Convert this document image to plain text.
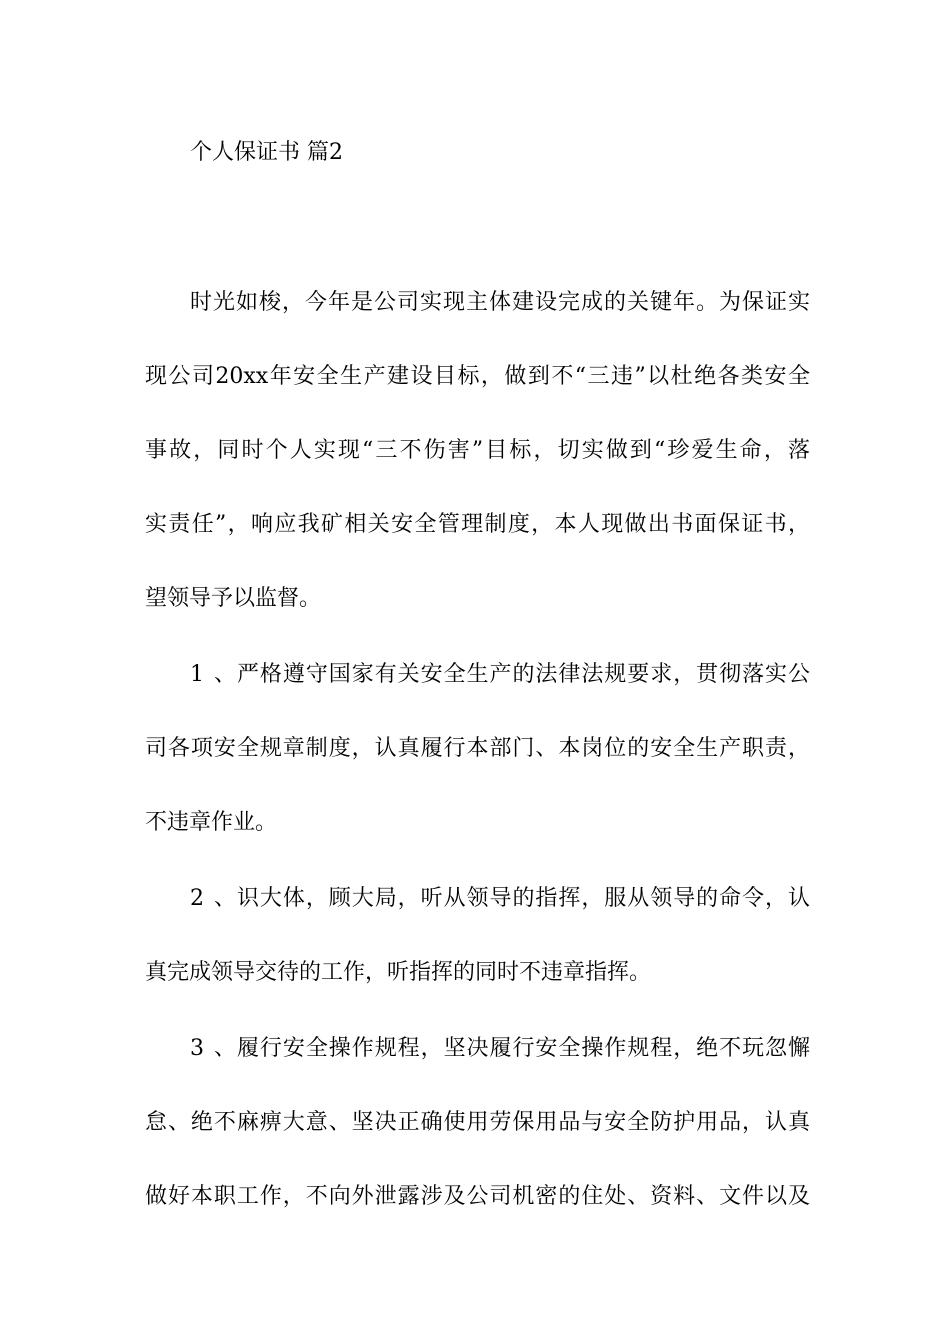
个人保证书 篇2
时光如梭，今年是公司实现主体建设完成的关键年。为保证实
现公司20xx年安全生产建设目标，做到不“三违”以杜绝各类安全
事故，同时个人实现“三不伤害”目标，切实做到“珍爱生命，落
实责任”，响应我矿相关安全管理制度，本人现做出书面保证书，
望领导予以监督。
1、严格遵守国家有关安全生产的法律法规要求，贯彻落实公
司各项安全规章制度，认真履行本部门、本岗位的安全生产职责，
不违章作业。
2、识大体，顾大局，听从领导的指挥，服从领导的命令，认
真完成领导交待的工作，听指挥的同时不违章指挥。
3、履行安全操作规程，坚决履行安全操作规程，绝不玩忽懈
怠、绝不麻痹大意、坚决正确使用劳保用品与安全防护用品，认真
做好本职工作，不向外泄露涉及公司机密的住处、资料、文件以及
